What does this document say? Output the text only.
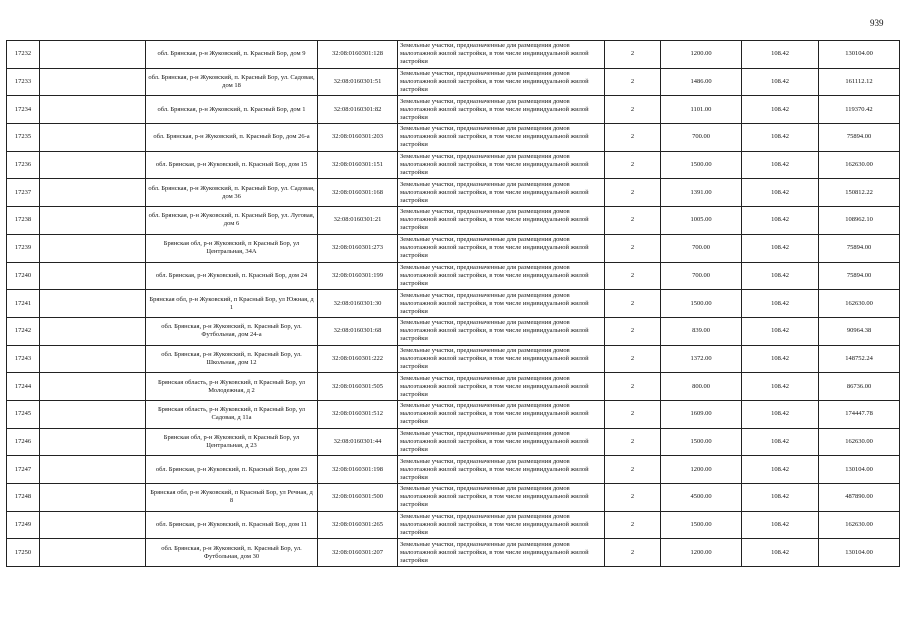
939
17232		обл. Брянская, р-н Жуковский, п. Красный Бор, дом 9	32:08:0160301:128	Земельные участки, предназначенные для размещения домов малоэтажной жилой застройки, в том числе индивидуальной жилой застройки	2	1200.00	108.42	130104.00
17233		обл. Брянская, р-н Жуковский, п. Красный Бор, ул. Садовая, дом 18	32:08:0160301:51	Земельные участки, предназначенные для размещения домов малоэтажной жилой застройки, в том числе индивидуальной жилой застройки	2	1486.00	108.42	161112.12
17234		обл. Брянская, р-н Жуковский, п. Красный Бор, дом 1	32:08:0160301:82	Земельные участки, предназначенные для размещения домов малоэтажной жилой застройки, в том числе индивидуальной жилой застройки	2	1101.00	108.42	119370.42
17235		обл. Брянская, р-н Жуковский, п. Красный Бор, дом 26-а	32:08:0160301:203	Земельные участки, предназначенные для размещения домов малоэтажной жилой застройки, в том числе индивидуальной жилой застройки	2	700.00	108.42	75894.00
17236		обл. Брянская, р-н Жуковский, п. Красный Бор, дом 15	32:08:0160301:151	Земельные участки, предназначенные для размещения домов малоэтажной жилой застройки, в том числе индивидуальной жилой застройки	2	1500.00	108.42	162630.00
17237		обл. Брянская, р-н Жуковский, п. Красный Бор, ул. Садовая, дом 36	32:08:0160301:168	Земельные участки, предназначенные для размещения домов малоэтажной жилой застройки, в том числе индивидуальной жилой застройки	2	1391.00	108.42	150812.22
17238		обл. Брянская, р-н Жуковский, п. Красный Бор, ул. Луговая, дом 6	32:08:0160301:21	Земельные участки, предназначенные для размещения домов малоэтажной жилой застройки, в том числе индивидуальной жилой застройки	2	1005.00	108.42	108962.10
17239		Брянская обл, р-н Жуковский, п Красный Бор, ул Центральная, 34А	32:08:0160301:273	Земельные участки, предназначенные для размещения домов малоэтажной жилой застройки, в том числе индивидуальной жилой застройки	2	700.00	108.42	75894.00
17240		обл. Брянская, р-н Жуковский, п. Красный Бор, дом 24	32:08:0160301:199	Земельные участки, предназначенные для размещения домов малоэтажной жилой застройки, в том числе индивидуальной жилой застройки	2	700.00	108.42	75894.00
17241		Брянская обл, р-н Жуковский, п Красный Бор, ул Южная, д 1	32:08:0160301:30	Земельные участки, предназначенные для размещения домов малоэтажной жилой застройки, в том числе индивидуальной жилой застройки	2	1500.00	108.42	162630.00
17242		обл. Брянская, р-н Жуковский, п. Красный Бор, ул. Футбольная, дом 24-а	32:08:0160301:68	Земельные участки, предназначенные для размещения домов малоэтажной жилой застройки, в том числе индивидуальной жилой застройки	2	839.00	108.42	90964.38
17243		обл. Брянская, р-н Жуковский, п. Красный Бор, ул. Школьная, дом 12	32:08:0160301:222	Земельные участки, предназначенные для размещения домов малоэтажной жилой застройки, в том числе индивидуальной жилой застройки	2	1372.00	108.42	148752.24
17244		Брянская область, р-н Жуковский, п Красный Бор, ул Молодежная, д 2	32:08:0160301:505	Земельные участки, предназначенные для размещения домов малоэтажной жилой застройки, в том числе индивидуальной жилой застройки	2	800.00	108.42	86736.00
17245		Брянская область, р-н Жуковский, п Красный Бор, ул Садовая, д 11а	32:08:0160301:512	Земельные участки, предназначенные для размещения домов малоэтажной жилой застройки, в том числе индивидуальной жилой застройки	2	1609.00	108.42	174447.78
17246		Брянская обл, р-н Жуковский, п Красный Бор, ул Центральная, д 23	32:08:0160301:44	Земельные участки, предназначенные для размещения домов малоэтажной жилой застройки, в том числе индивидуальной жилой застройки	2	1500.00	108.42	162630.00
17247		обл. Брянская, р-н Жуковский, п. Красный Бор, дом 23	32:08:0160301:198	Земельные участки, предназначенные для размещения домов малоэтажной жилой застройки, в том числе индивидуальной жилой застройки	2	1200.00	108.42	130104.00
17248		Брянская обл, р-н Жуковский, п Красный Бор, ул Речная, д 8	32:08:0160301:500	Земельные участки, предназначенные для размещения домов малоэтажной жилой застройки, в том числе индивидуальной жилой застройки	2	4500.00	108.42	487890.00
17249		обл. Брянская, р-н Жуковский, п. Красный Бор, дом 11	32:08:0160301:265	Земельные участки, предназначенные для размещения домов малоэтажной жилой застройки, в том числе индивидуальной жилой застройки	2	1500.00	108.42	162630.00
17250		обл. Брянская, р-н Жуковский, п. Красный Бор, ул. Футбольная, дом 30	32:08:0160301:207	Земельные участки, предназначенные для размещения домов малоэтажной жилой застройки, в том числе индивидуальной жилой застройки	2	1200.00	108.42	130104.00
